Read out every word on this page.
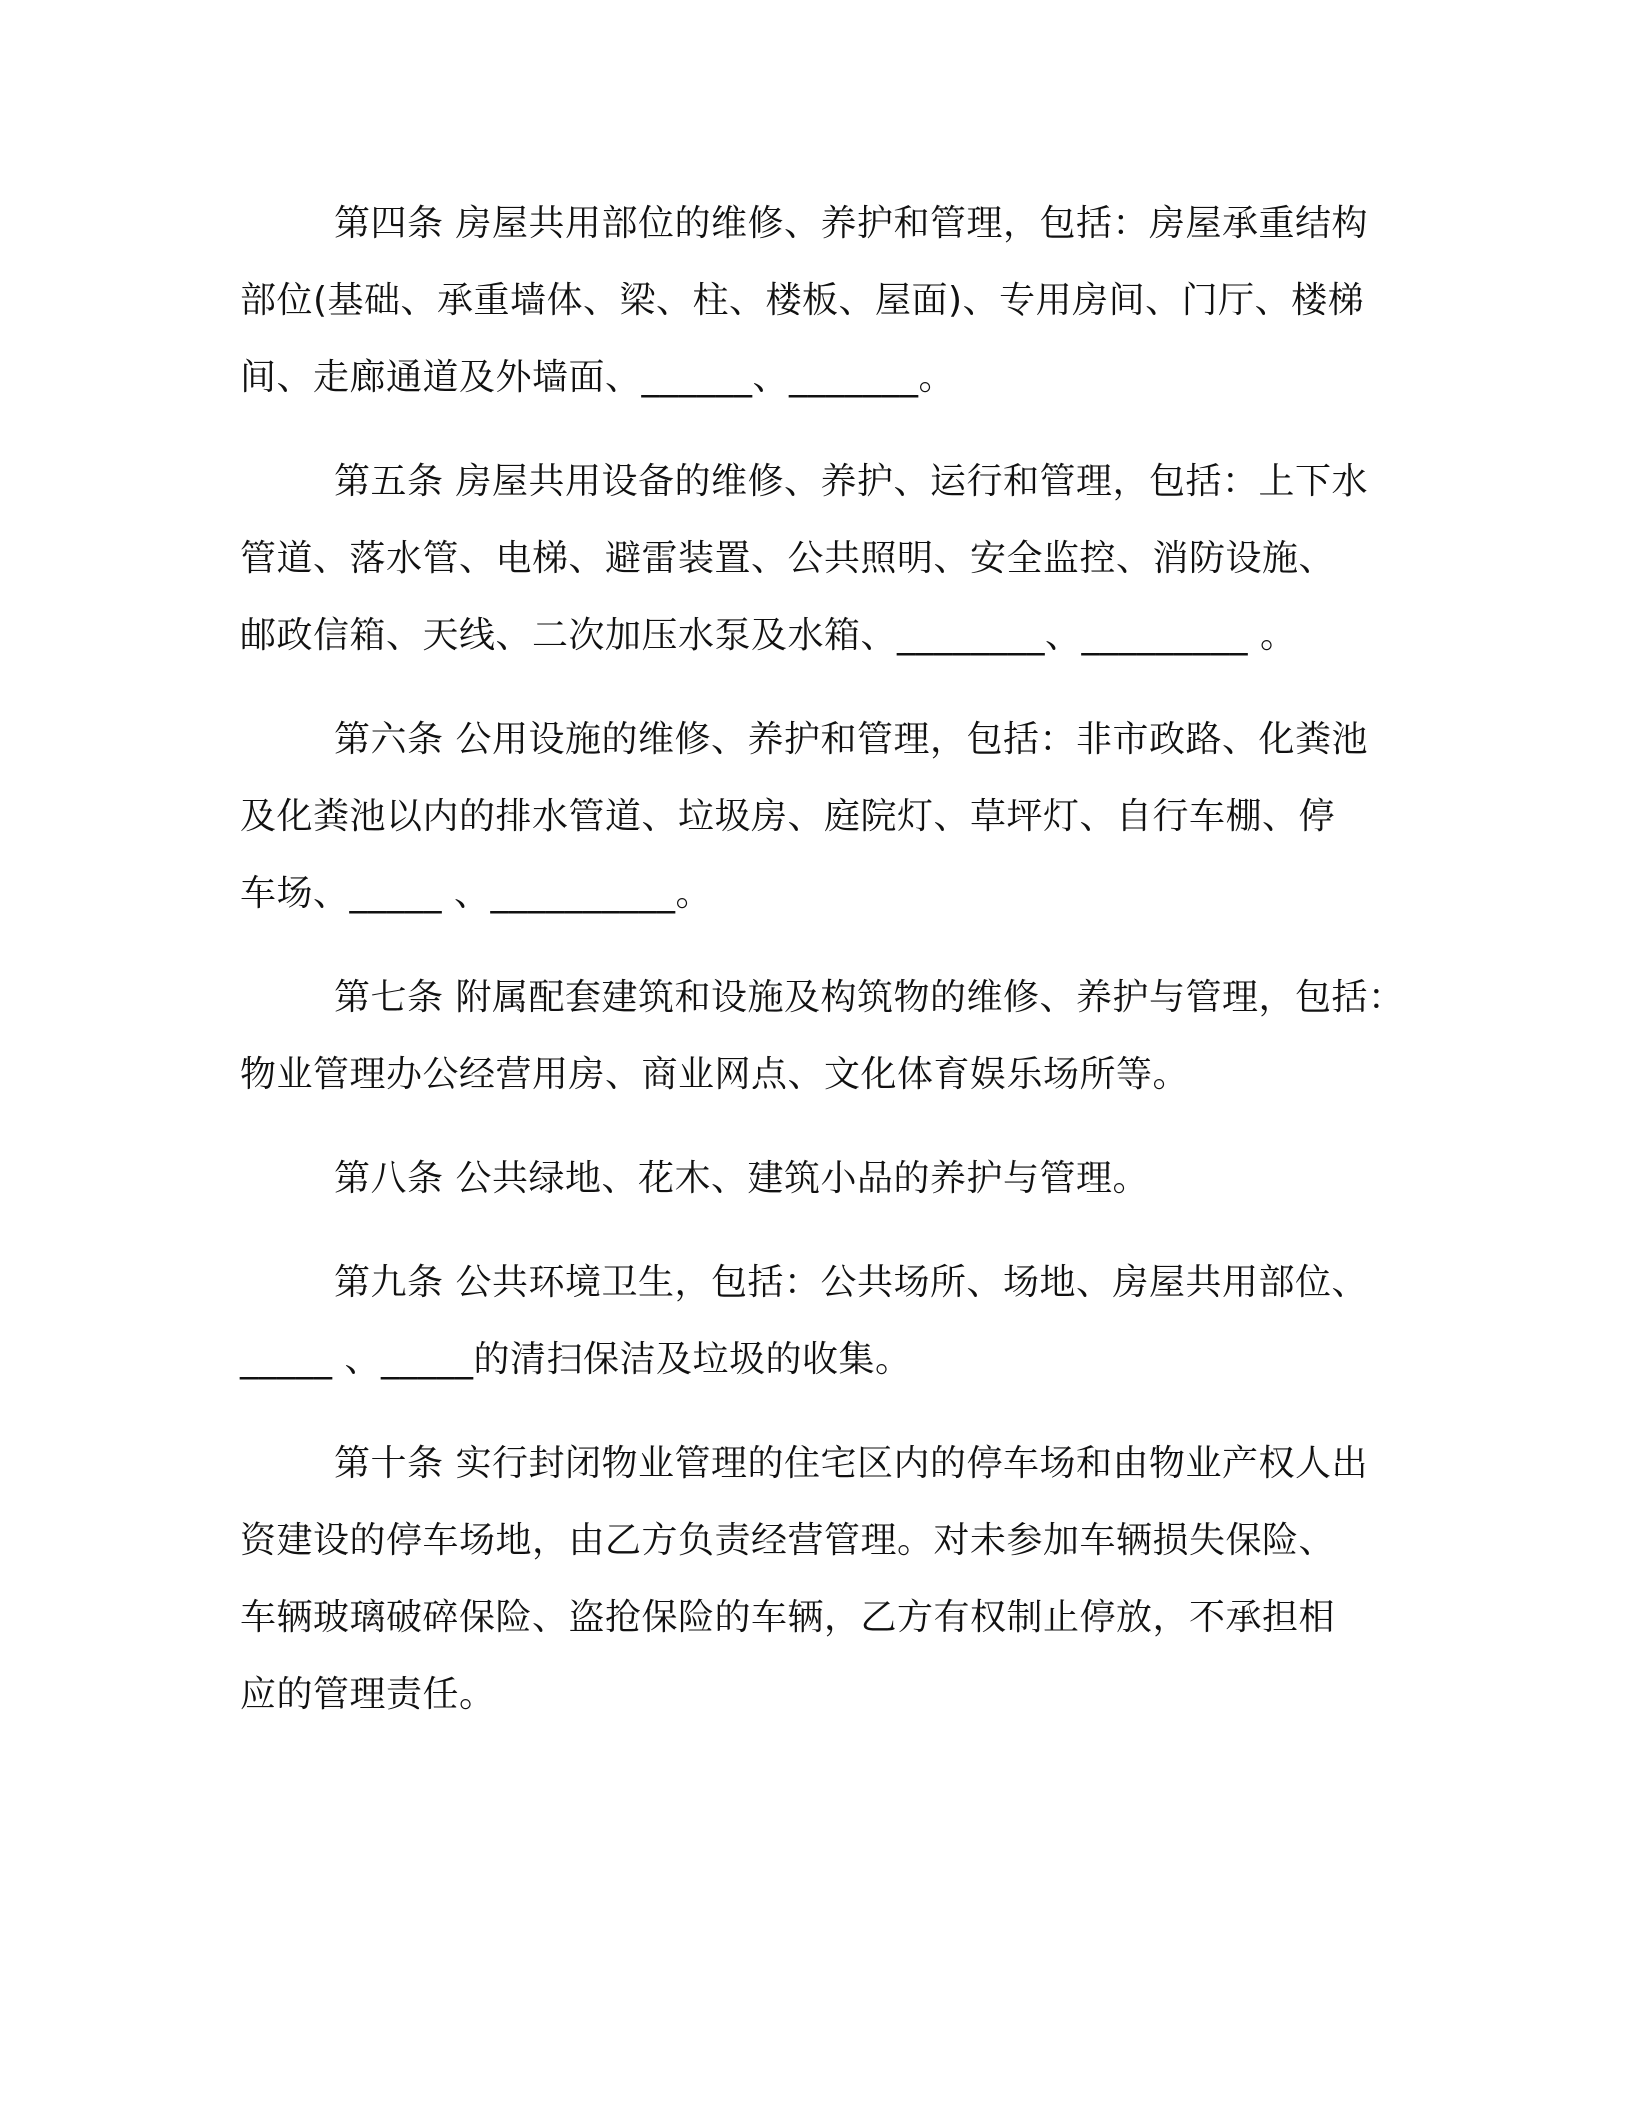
第四条 房屋共用部位的维修、养护和管理，包括：房屋承重结构
部位(基础、承重墙体、梁、柱、楼板、屋面)、专用房间、门厅、楼梯
间、走廊通道及外墙面、______、_______。
第五条 房屋共用设备的维修、养护、运行和管理，包括：上下水
管道、落水管、电梯、避雷装置、公共照明、安全监控、消防设施、
邮政信箱、天线、二次加压水泵及水箱、________、_________ 。
第六条 公用设施的维修、养护和管理，包括：非市政路、化粪池
及化粪池以内的排水管道、垃圾房、庭院灯、草坪灯、自行车棚、停
车场、_____ 、__________。
第七条 附属配套建筑和设施及构筑物的维修、养护与管理，包括：
物业管理办公经营用房、商业网点、文化体育娱乐场所等。
第八条 公共绿地、花木、建筑小品的养护与管理。
第九条 公共环境卫生，包括：公共场所、场地、房屋共用部位、
_____ 、_____的清扫保洁及垃圾的收集。
第十条 实行封闭物业管理的住宅区内的停车场和由物业产权人出
资建设的停车场地，由乙方负责经营管理。对未参加车辆损失保险、
车辆玻璃破碎保险、盗抢保险的车辆，乙方有权制止停放，不承担相
应的管理责任。
